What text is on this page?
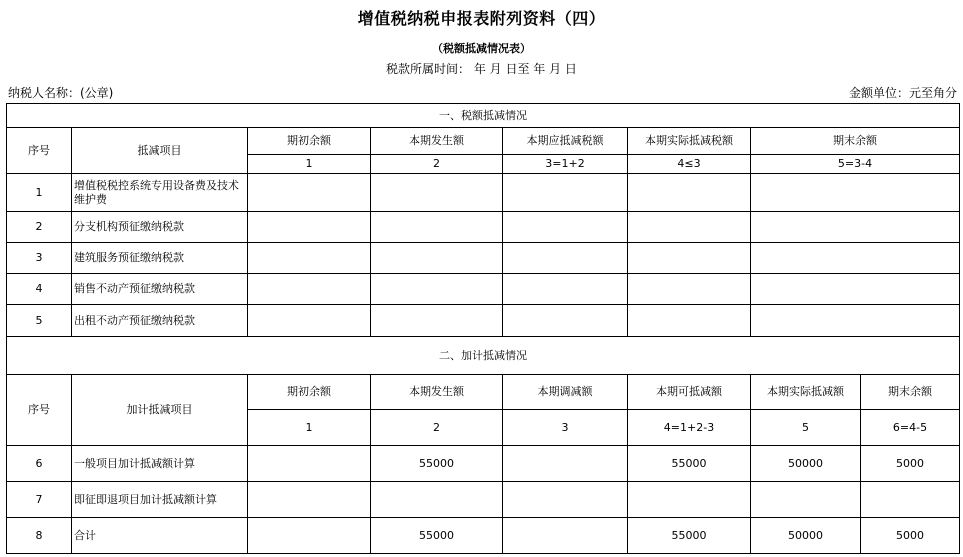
增值税纳税申报表附列资料（四）
（税额抵减情况表）
税款所属时间： 年 月 日至 年 月 日
纳税人名称：(公章)	金额单位：元至角分
一、税额抵减情况							
序号	抵减项目	期初余额	本期发生额	本期应抵减税额	本期实际抵减税额	期末余额	
		1	2	3=1+2	4≤3	5=3-4	
1	增值税税控系统专用设备费及技术维护费						
2	分支机构预征缴纳税款						
3	建筑服务预征缴纳税款						
4	销售不动产预征缴纳税款						
5	出租不动产预征缴纳税款						
二、加计抵减情况							
序号	加计抵减项目	期初余额	本期发生额	本期调减额	本期可抵减额	本期实际抵减额	期末余额
		1	2	3	4=1+2-3	5	6=4-5
6	一般项目加计抵减额计算		55000		55000	50000	5000
7	即征即退项目加计抵减额计算						
8	合计		55000		55000	50000	5000
